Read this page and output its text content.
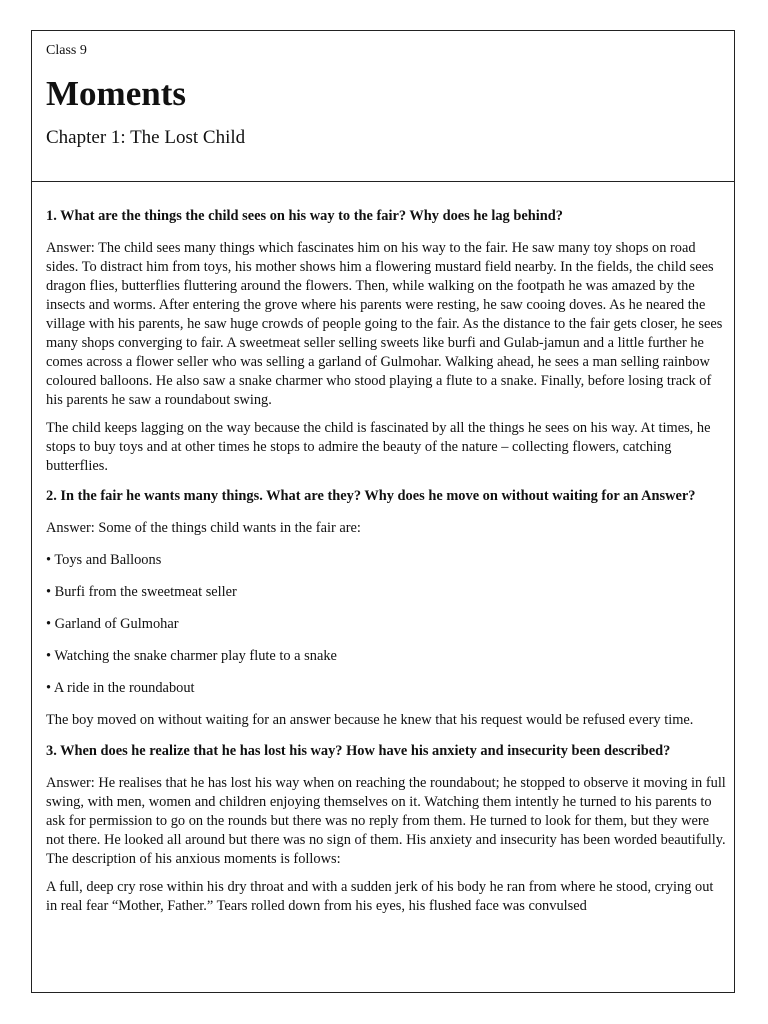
Class 9

Moments
Chapter 1: The Lost Child

1. What are the things the child sees on his way to the fair? Why does he lag behind?

Answer: The child sees many things which fascinates him on his way to the fair. He saw many toy shops on road sides. To distract him from toys, his mother shows him a flowering mustard field nearby. In the fields, the child sees dragon flies, butterflies fluttering around the flowers. Then, while walking on the footpath he was amazed by the insects and worms. After entering the grove where his parents were resting, he saw cooing doves. As he neared the village with his parents, he saw huge crowds of people going to the fair. As the distance to the fair gets closer, he sees many shops converging to fair. A sweetmeat seller selling sweets like burfi and Gulab-jamun and a little further he comes across a flower seller who was selling a garland of Gulmohar. Walking ahead, he sees a man selling rainbow coloured balloons. He also saw a snake charmer who stood playing a flute to a snake. Finally, before losing track of his parents he saw a roundabout swing.

The child keeps lagging on the way because the child is fascinated by all the things he sees on his way. At times, he stops to buy toys and at other times he stops to admire the beauty of the nature – collecting flowers, catching butterflies.

2. In the fair he wants many things. What are they? Why does he move on without waiting for an Answer?

Answer: Some of the things child wants in the fair are:

• Toys and Balloons

• Burfi from the sweetmeat seller

• Garland of Gulmohar

• Watching the snake charmer play flute to a snake

• A ride in the roundabout

The boy moved on without waiting for an answer because he knew that his request would be refused every time.

3. When does he realize that he has lost his way? How have his anxiety and insecurity been described?

Answer: He realises that he has lost his way when on reaching the roundabout; he stopped to observe it moving in full swing, with men, women and children enjoying themselves on it. Watching them intently he turned to his parents to ask for permission to go on the rounds but there was no reply from them. He turned to look for them, but they were not there. He looked all around but there was no sign of them. His anxiety and insecurity has been worded beautifully. The description of his anxious moments is follows:

A full, deep cry rose within his dry throat and with a sudden jerk of his body he ran from where he stood, crying out in real fear “Mother, Father.” Tears rolled down from his eyes, his flushed face was convulsed
